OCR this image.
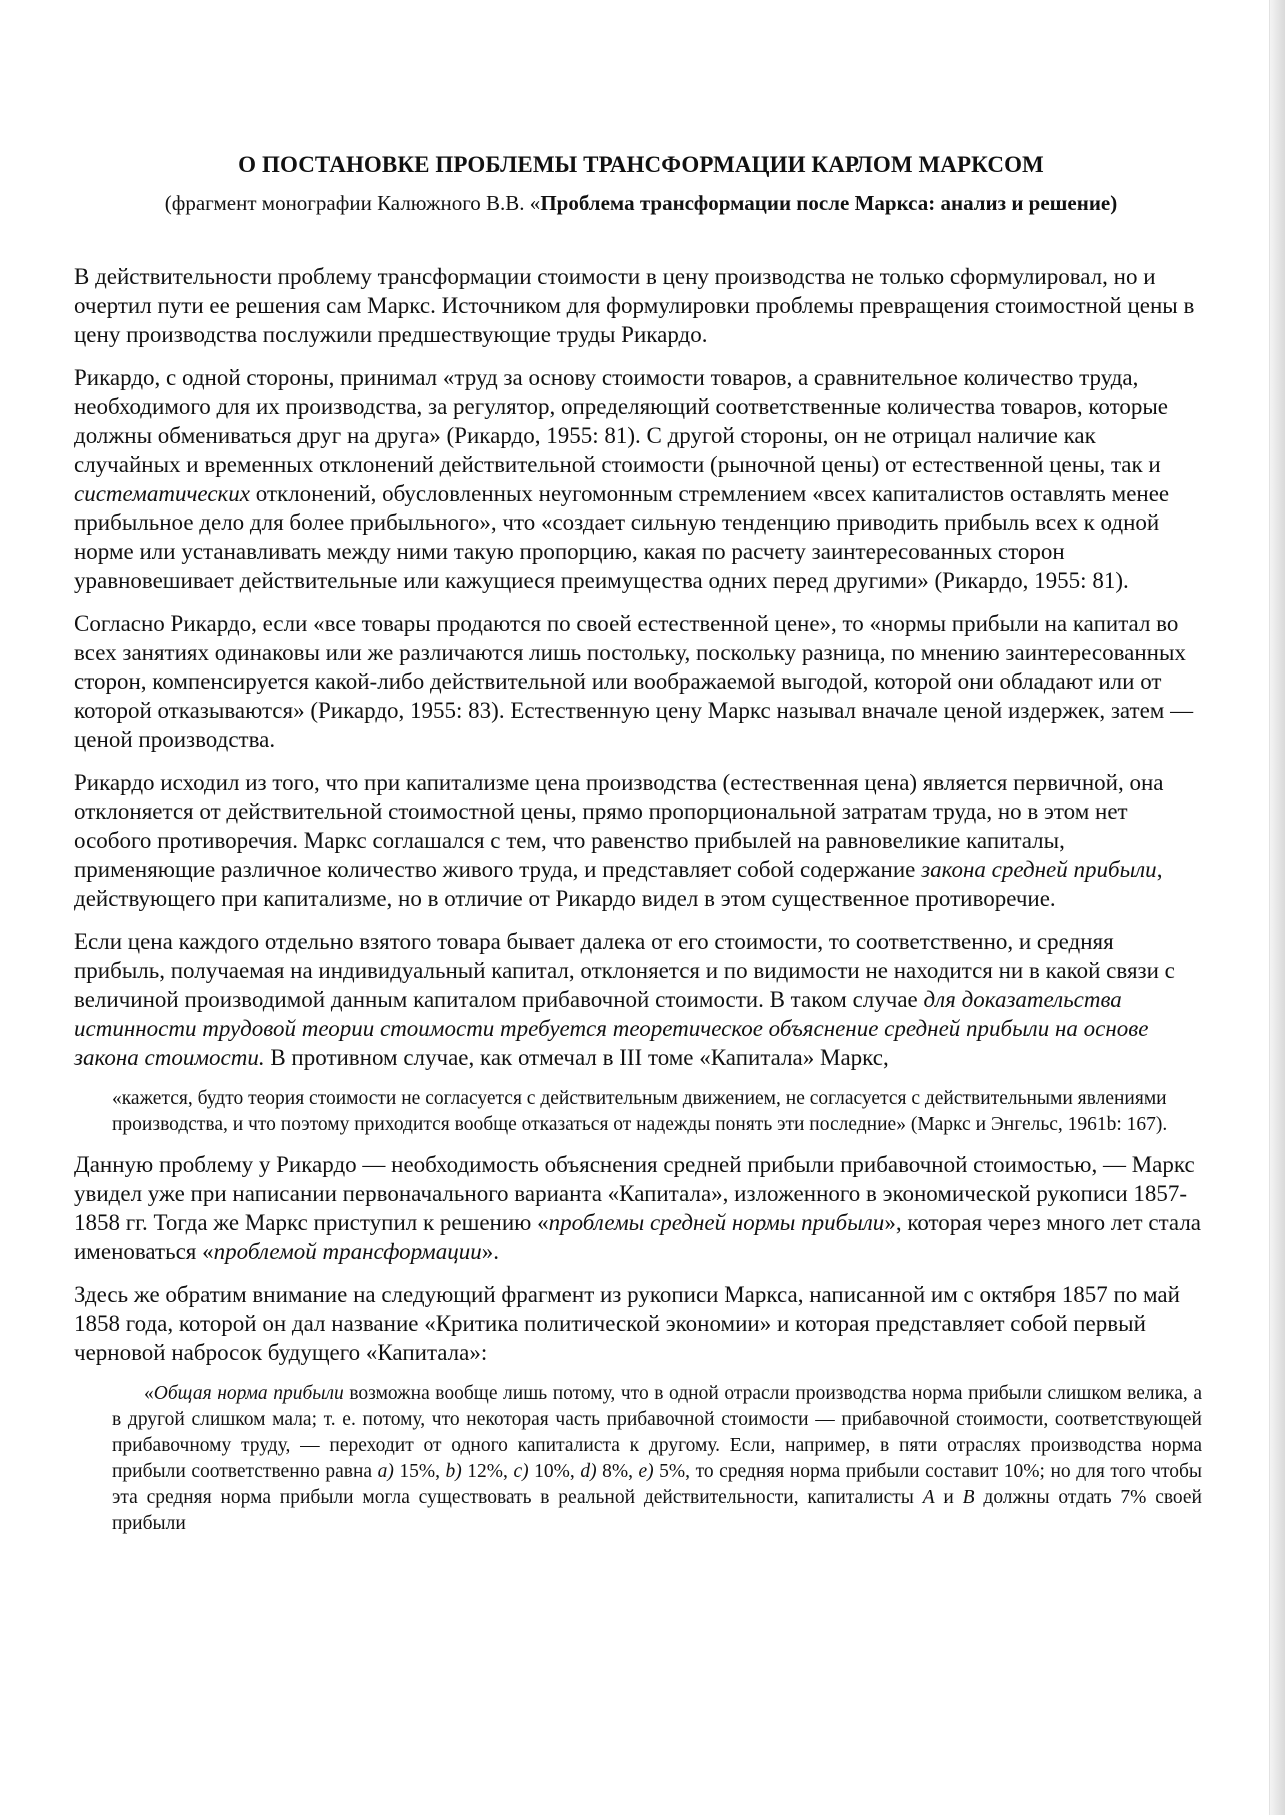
О ПОСТАНОВКЕ ПРОБЛЕМЫ ТРАНСФОРМАЦИИ КАРЛОМ МАРКСОМ
(фрагмент монографии Калюжного В.В. «Проблема трансформации после Маркса: анализ и решение)

В действительности проблему трансформации стоимости в цену производства не только сформулировал, но и очертил пути ее решения сам Маркс. Источником для формулировки проблемы превращения стоимостной цены в цену производства послужили предшествующие труды Рикардо.

Рикардо, с одной стороны, принимал «труд за основу стоимости товаров, а сравнительное количество труда, необходимого для их производства, за регулятор, определяющий соответственные количества товаров, которые должны обмениваться друг на друга» (Рикардо, 1955: 81). С другой стороны, он не отрицал наличие как случайных и временных отклонений действительной стоимости (рыночной цены) от естественной цены, так и систематических отклонений, обусловленных неугомонным стремлением «всех капиталистов оставлять менее прибыльное дело для более прибыльного», что «создает сильную тенденцию приводить прибыль всех к одной норме или устанавливать между ними такую пропорцию, какая по расчету заинтересованных сторон уравновешивает действительные или кажущиеся преимущества одних перед другими» (Рикардо, 1955: 81).

Согласно Рикардо, если «все товары продаются по своей естественной цене», то «нормы прибыли на капитал во всех занятиях одинаковы или же различаются лишь постольку, поскольку разница, по мнению заинтересованных сторон, компенсируется какой-либо действительной или воображаемой выгодой, которой они обладают или от которой отказываются» (Рикардо, 1955: 83). Естественную цену Маркс называл вначале ценой издержек, затем — ценой производства.

Рикардо исходил из того, что при капитализме цена производства (естественная цена) является первичной, она отклоняется от действительной стоимостной цены, прямо пропорциональной затратам труда, но в этом нет особого противоречия. Маркс соглашался с тем, что равенство прибылей на равновеликие капиталы, применяющие различное количество живого труда, и представляет собой содержание закона средней прибыли, действующего при капитализме, но в отличие от Рикардо видел в этом существенное противоречие.

Если цена каждого отдельно взятого товара бывает далека от его стоимости, то соответственно, и средняя прибыль, получаемая на индивидуальный капитал, отклоняется и по видимости не находится ни в какой связи с величиной производимой данным капиталом прибавочной стоимости. В таком случае для доказательства истинности трудовой теории стоимости требуется теоретическое объяснение средней прибыли на основе закона стоимости. В противном случае, как отмечал в III томе «Капитала» Маркс,

«кажется, будто теория стоимости не согласуется с действительным движением, не согласуется с действительными явлениями производства, и что поэтому приходится вообще отказаться от надежды понять эти последние» (Маркс и Энгельс, 1961b: 167).

Данную проблему у Рикардо — необходимость объяснения средней прибыли прибавочной стоимостью, — Маркс увидел уже при написании первоначального варианта «Капитала», изложенного в экономической рукописи 1857-1858 гг. Тогда же Маркс приступил к решению «проблемы средней нормы прибыли», которая через много лет стала именоваться «проблемой трансформации».

Здесь же обратим внимание на следующий фрагмент из рукописи Маркса, написанной им с октября 1857 по май 1858 года, которой он дал название «Критика политической экономии» и которая представляет собой первый черновой набросок будущего «Капитала»:

«Общая норма прибыли возможна вообще лишь потому, что в одной отрасли производства норма прибыли слишком велика, а в другой слишком мала; т. е. потому, что некоторая часть прибавочной стоимости — прибавочной стоимости, соответствующей прибавочному труду, — переходит от одного капиталиста к другому. Если, например, в пяти отраслях производства норма прибыли соответственно равна a) 15%, b) 12%, c) 10%, d) 8%, e) 5%, то средняя норма прибыли составит 10%; но для того чтобы эта средняя норма прибыли могла существовать в реальной действительности, капиталисты A и B должны отдать 7% своей прибыли
